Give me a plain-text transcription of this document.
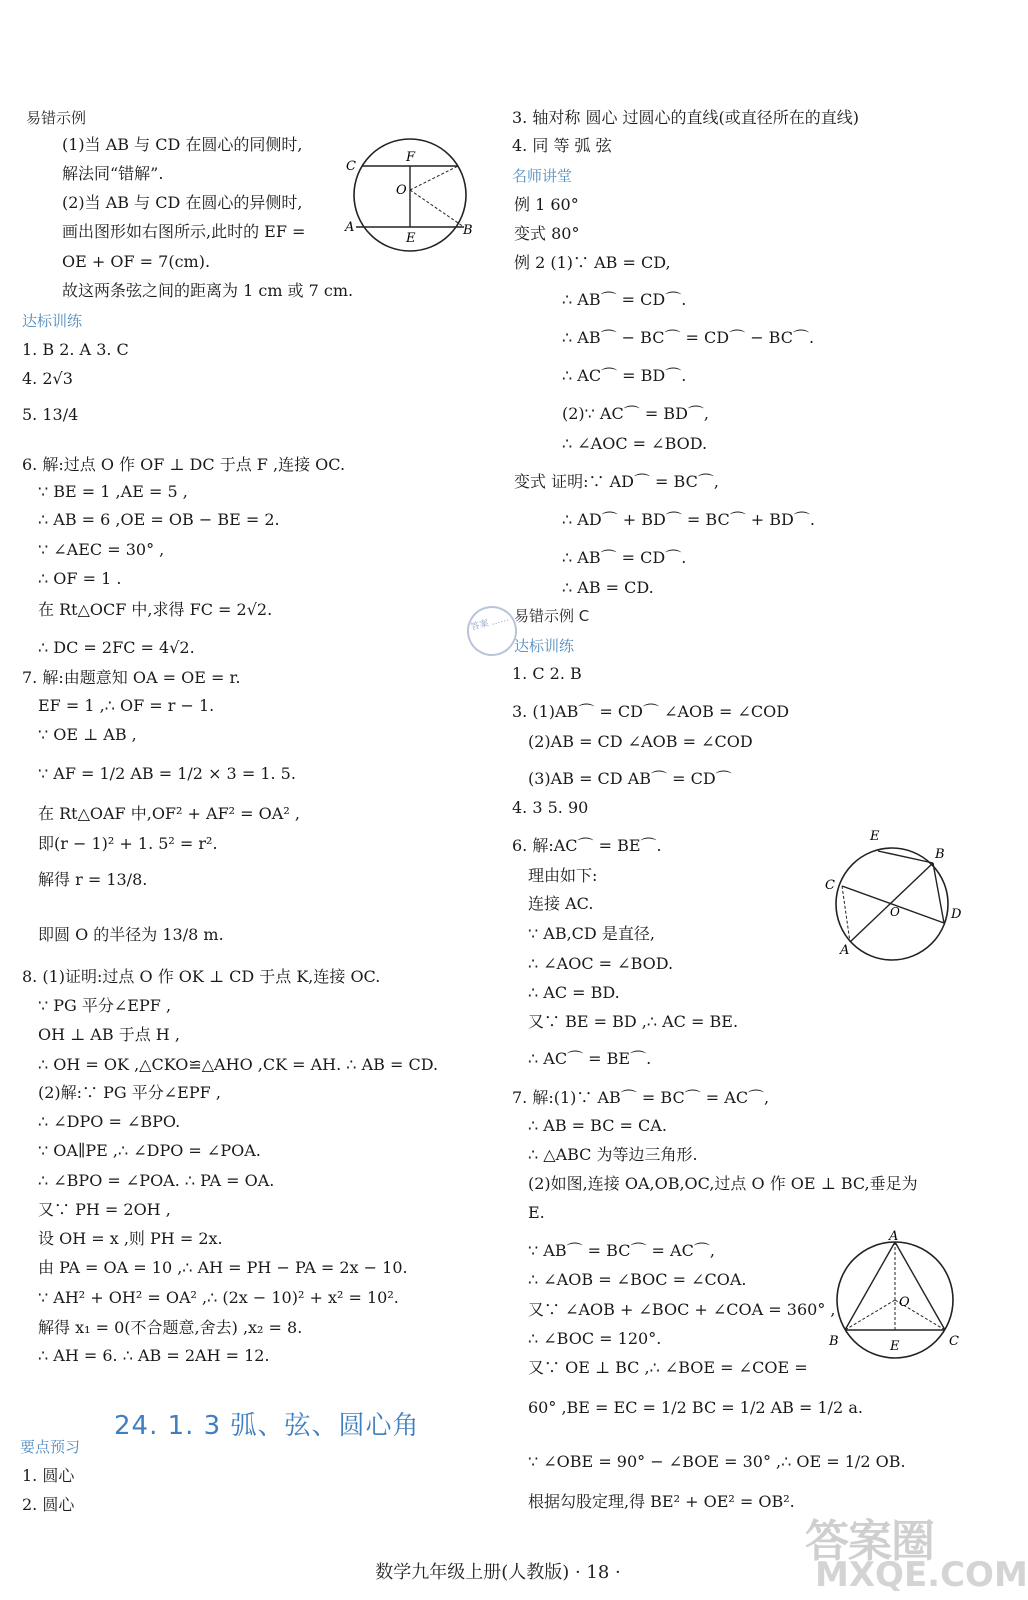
易错示例
(1)当 AB 与 CD 在圆心的同侧时,
解法同“错解”.
(2)当 AB 与 CD 在圆心的异侧时,
画出图形如右图所示,此时的 EF =
OE + OF = 7(cm).
故这两条弦之间的距离为 1 cm 或 7 cm.
达标训练
1. B 2. A 3. C
4. 2√3
5. 13/4
6. 解:过点 O 作 OF ⊥ DC 于点 F ,连接 OC.
∵ BE = 1 ,AE = 5 ,
∴ AB = 6 ,OE = OB − BE = 2.
∵ ∠AEC = 30° ,
∴ OF = 1 .
在 Rt△OCF 中,求得 FC = 2√2.
∴ DC = 2FC = 4√2.
7. 解:由题意知 OA = OE = r.
EF = 1 ,∴ OF = r − 1.
∵ OE ⊥ AB ,
∵ AF = 1/2 AB = 1/2 × 3 = 1. 5.
在 Rt△OAF 中,OF² + AF² = OA² ,
即(r − 1)² + 1. 5² = r².
解得 r = 13/8.
即圆 O 的半径为 13/8 m.
8. (1)证明:过点 O 作 OK ⊥ CD 于点 K,连接 OC.
∵ PG 平分∠EPF ,
OH ⊥ AB 于点 H ,
∴ OH = OK ,△CKO≌△AHO ,CK = AH. ∴ AB = CD.
(2)解:∵ PG 平分∠EPF ,
∴ ∠DPO = ∠BPO.
∵ OA∥PE ,∴ ∠DPO = ∠POA.
∴ ∠BPO = ∠POA. ∴ PA = OA.
又∵ PH = 2OH ,
设 OH = x ,则 PH = 2x.
由 PA = OA = 10 ,∴ AH = PH − PA = 2x − 10.
∵ AH² + OH² = OA² ,∴ (2x − 10)² + x² = 10².
解得 x₁ = 0(不合题意,舍去) ,x₂ = 8.
∴ AH = 6. ∴ AB = 2AH = 12.
要点预习
1. 圆心
2. 圆心
3. 轴对称 圆心 过圆心的直线(或直径所在的直线)
4. 同 等 弧 弦
名师讲堂
例 1 60°
变式 80°
例 2 (1)∵ AB = CD,
∴ AB⌒ = CD⌒.
∴ AB⌒ − BC⌒ = CD⌒ − BC⌒.
∴ AC⌒ = BD⌒.
(2)∵ AC⌒ = BD⌒,
∴ ∠AOC = ∠BOD.
变式 证明:∵ AD⌒ = BC⌒,
∴ AD⌒ + BD⌒ = BC⌒ + BD⌒.
∴ AB⌒ = CD⌒.
∴ AB = CD.
易错示例 C
达标训练
1. C 2. B
3. (1)AB⌒ = CD⌒ ∠AOB = ∠COD
(2)AB = CD ∠AOB = ∠COD
(3)AB = CD AB⌒ = CD⌒
4. 3 5. 90
6. 解:AC⌒ = BE⌒.
理由如下:
连接 AC.
∵ AB,CD 是直径,
∴ ∠AOC = ∠BOD.
∴ AC = BD.
又∵ BE = BD ,∴ AC = BE.
∴ AC⌒ = BE⌒.
7. 解:(1)∵ AB⌒ = BC⌒ = AC⌒,
∴ AB = BC = CA.
∴ △ABC 为等边三角形.
(2)如图,连接 OA,OB,OC,过点 O 作 OE ⊥ BC,垂足为
E.
∵ AB⌒ = BC⌒ = AC⌒,
∴ ∠AOB = ∠BOC = ∠COA.
又∵ ∠AOB + ∠BOC + ∠COA = 360° ,
∴ ∠BOC = 120°.
又∵ OE ⊥ BC ,∴ ∠BOE = ∠COE =
60° ,BE = EC = 1/2 BC = 1/2 AB = 1/2 a.
∵ ∠OBE = 90° − ∠BOE = 30° ,∴ OE = 1/2 OB.
根据勾股定理,得 BE² + OE² = OB².
24. 1. 3 弧、弦、圆心角
C
F
O
A
E
B
E
B
C
O	D
A
A
O
B	E	C
答案 ……
答案圈
MXQE.COM
数学九年级上册(人教版) · 18 ·
